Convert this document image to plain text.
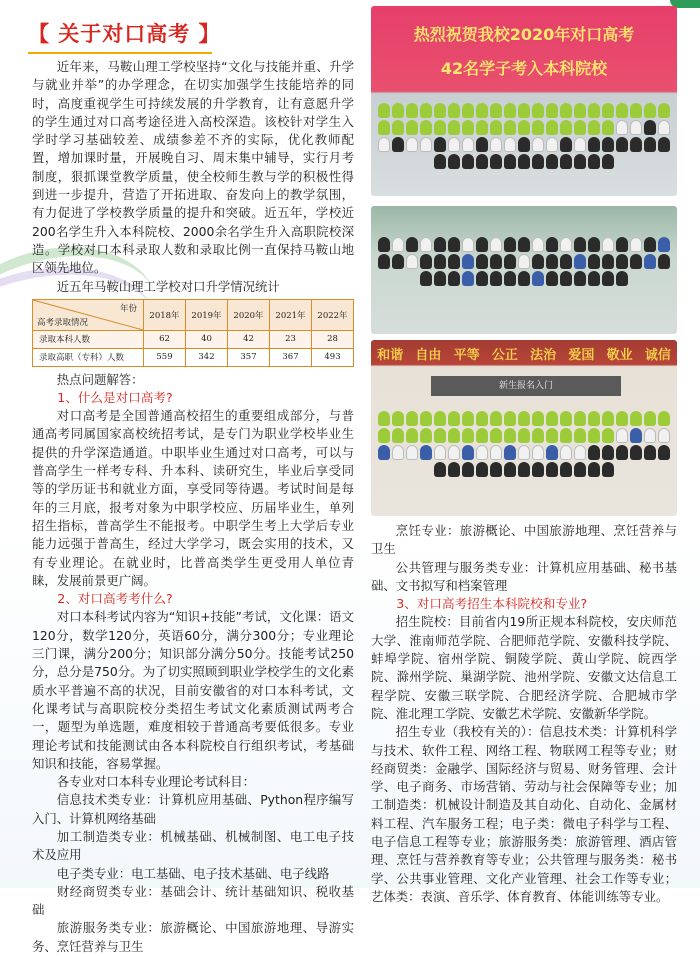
【 关于对口高考 】

近年来，马鞍山理工学校坚持“文化与技能并重、升学与就业并举”的办学理念，在切实加强学生技能培养的同时，高度重视学生可持续发展的升学教育，让有意愿升学的学生通过对口高考途径进入高校深造。该校针对学生入学时学习基础较差、成绩参差不齐的实际，优化教师配置，增加课时量，开展晚自习、周末集中辅导，实行月考制度，狠抓课堂教学质量，使全校师生教与学的积极性得到进一步提升，营造了开拓进取、奋发向上的教学氛围，有力促进了学校教学质量的提升和突破。近五年，学校近200名学生升入本科院校、2000余名学生升入高职院校深造。学校对口本科录取人数和录取比例一直保持马鞍山地区领先地位。

近五年马鞍山理工学校对口升学情况统计

年份
高考录取情况	2018年	2019年	2020年	2021年	2022年
录取本科人数	62	40	42	23	28
录取高职（专科）人数	559	342	357	367	493

热点问题解答：

1、什么是对口高考?

对口高考是全国普通高校招生的重要组成部分，与普通高考同属国家高校统招考试，是专门为职业学校毕业生提供的升学深造通道。中职毕业生通过对口高考，可以与普高学生一样考专科、升本科、读研究生，毕业后享受同等的学历证书和就业方面，享受同等待遇。考试时间是每年的三月底，报考对象为中职学校应、历届毕业生，单列招生指标，普高学生不能报考。中职学生考上大学后专业能力远强于普高生，经过大学学习，既会实用的技术，又有专业理论。在就业时，比普高类学生更受用人单位青睐，发展前景更广阔。

2、对口高考考什么?

对口本科考试内容为“知识+技能”考试，文化课：语文120分，数学120分，英语60分，满分300分；专业理论三门课，满分200分；知识部分满分50分。技能考试250分，总分是750分。为了切实照顾到职业学校学生的文化素质水平普遍不高的状况，目前安徽省的对口本科考试，文化课考试与高职院校分类招生考试文化素质测试两考合一，题型为单选题，难度相较于普通高考要低很多。专业理论考试和技能测试由各本科院校自行组织考试，考基础知识和技能，容易掌握。

各专业对口本科专业理论考试科目：

信息技术类专业：计算机应用基础、Python程序编写入门、计算机网络基础

加工制造类专业：机械基础、机械制图、电工电子技术及应用

电子类专业：电工基础、电子技术基础、电子线路

财经商贸类专业：基础会计、统计基础知识、税收基础

旅游服务类专业：旅游概论、中国旅游地理、导游实务、烹饪营养与卫生

热烈祝贺我校2020年对口高考
42名学子考入本科院校
和谐 自由 平等 公正 法治 爱国 敬业 诚信
新生报名入门

烹饪专业：旅游概论、中国旅游地理、烹饪营养与卫生

公共管理与服务类专业：计算机应用基础、秘书基础、文书拟写和档案管理

3、对口高考招生本科院校和专业?

招生院校：目前省内19所正规本科院校，安庆师范大学、淮南师范学院、合肥师范学院、安徽科技学院、蚌埠学院、宿州学院、铜陵学院、黄山学院、皖西学院、滁州学院、巢湖学院、池州学院、安徽文达信息工程学院、安徽三联学院、合肥经济学院、合肥城市学院、淮北理工学院、安徽艺术学院、安徽新华学院。

招生专业（我校有关的）：信息技术类：计算机科学与技术、软件工程、网络工程、物联网工程等专业；财经商贸类：金融学、国际经济与贸易、财务管理、会计学、电子商务、市场营销、劳动与社会保障等专业；加工制造类：机械设计制造及其自动化、自动化、金属材料工程、汽车服务工程；电子类：微电子科学与工程、电子信息工程等专业；旅游服务类：旅游管理、酒店管理、烹饪与营养教育等专业；公共管理与服务类：秘书学、公共事业管理、文化产业管理、社会工作等专业；艺体类：表演、音乐学、体育教育、体能训练等专业。
